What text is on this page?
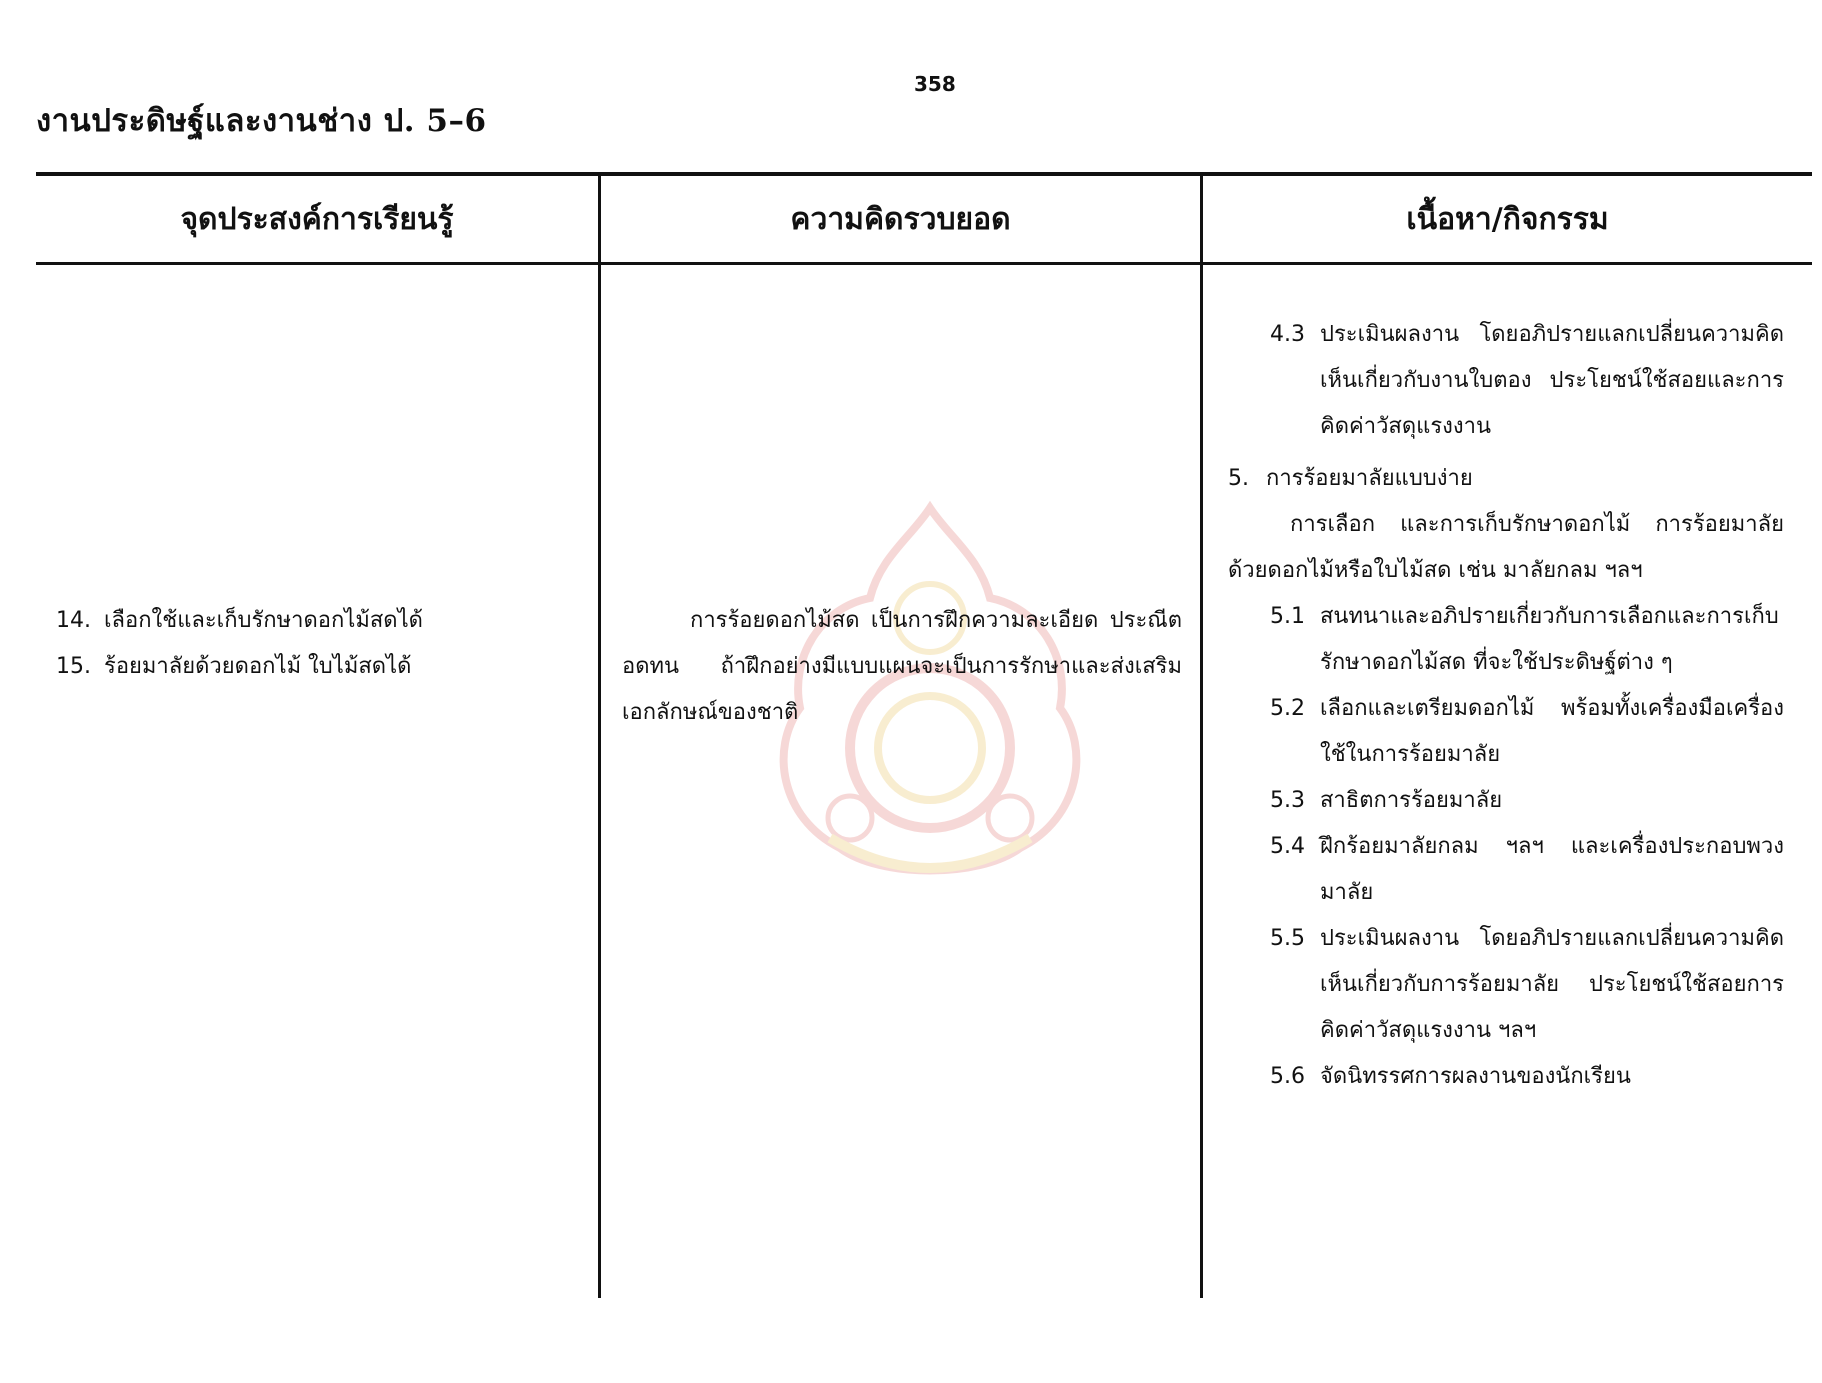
358
งานประดิษฐ์และงานช่าง ป. 5–6
จุดประสงค์การเรียนรู้	ความคิดรวบยอด	เนื้อหา/กิจกรรม
14. เลือกใช้และเก็บรักษาดอกไม้สดได้
15. ร้อยมาลัยด้วยดอกไม้ ใบไม้สดได้

การร้อยดอกไม้สด เป็นการฝึกความละเอียด ประณีต อดทน ถ้าฝึกอย่างมีแบบแผนจะเป็นการรักษาและส่งเสริมเอกลักษณ์ของชาติ

4.3 ประเมินผลงาน โดยอภิปรายแลกเปลี่ยนความคิดเห็นเกี่ยวกับงานใบตอง ประโยชน์ใช้สอยและการคิดค่าวัสดุแรงงาน
5. การร้อยมาลัยแบบง่าย

การเลือก และการเก็บรักษาดอกไม้ การร้อยมาลัยด้วยดอกไม้หรือใบไม้สด เช่น มาลัยกลม ฯลฯ

5.1 สนทนาและอภิปรายเกี่ยวกับการเลือกและการเก็บรักษาดอกไม้สด ที่จะใช้ประดิษฐ์ต่าง ๆ
5.2 เลือกและเตรียมดอกไม้ พร้อมทั้งเครื่องมือเครื่องใช้ในการร้อยมาลัย
5.3 สาธิตการร้อยมาลัย
5.4 ฝึกร้อยมาลัยกลม ฯลฯ และเครื่องประกอบพวงมาลัย
5.5 ประเมินผลงาน โดยอภิปรายแลกเปลี่ยนความคิดเห็นเกี่ยวกับการร้อยมาลัย ประโยชน์ใช้สอยการคิดค่าวัสดุแรงงาน ฯลฯ
5.6 จัดนิทรรศการผลงานของนักเรียน
